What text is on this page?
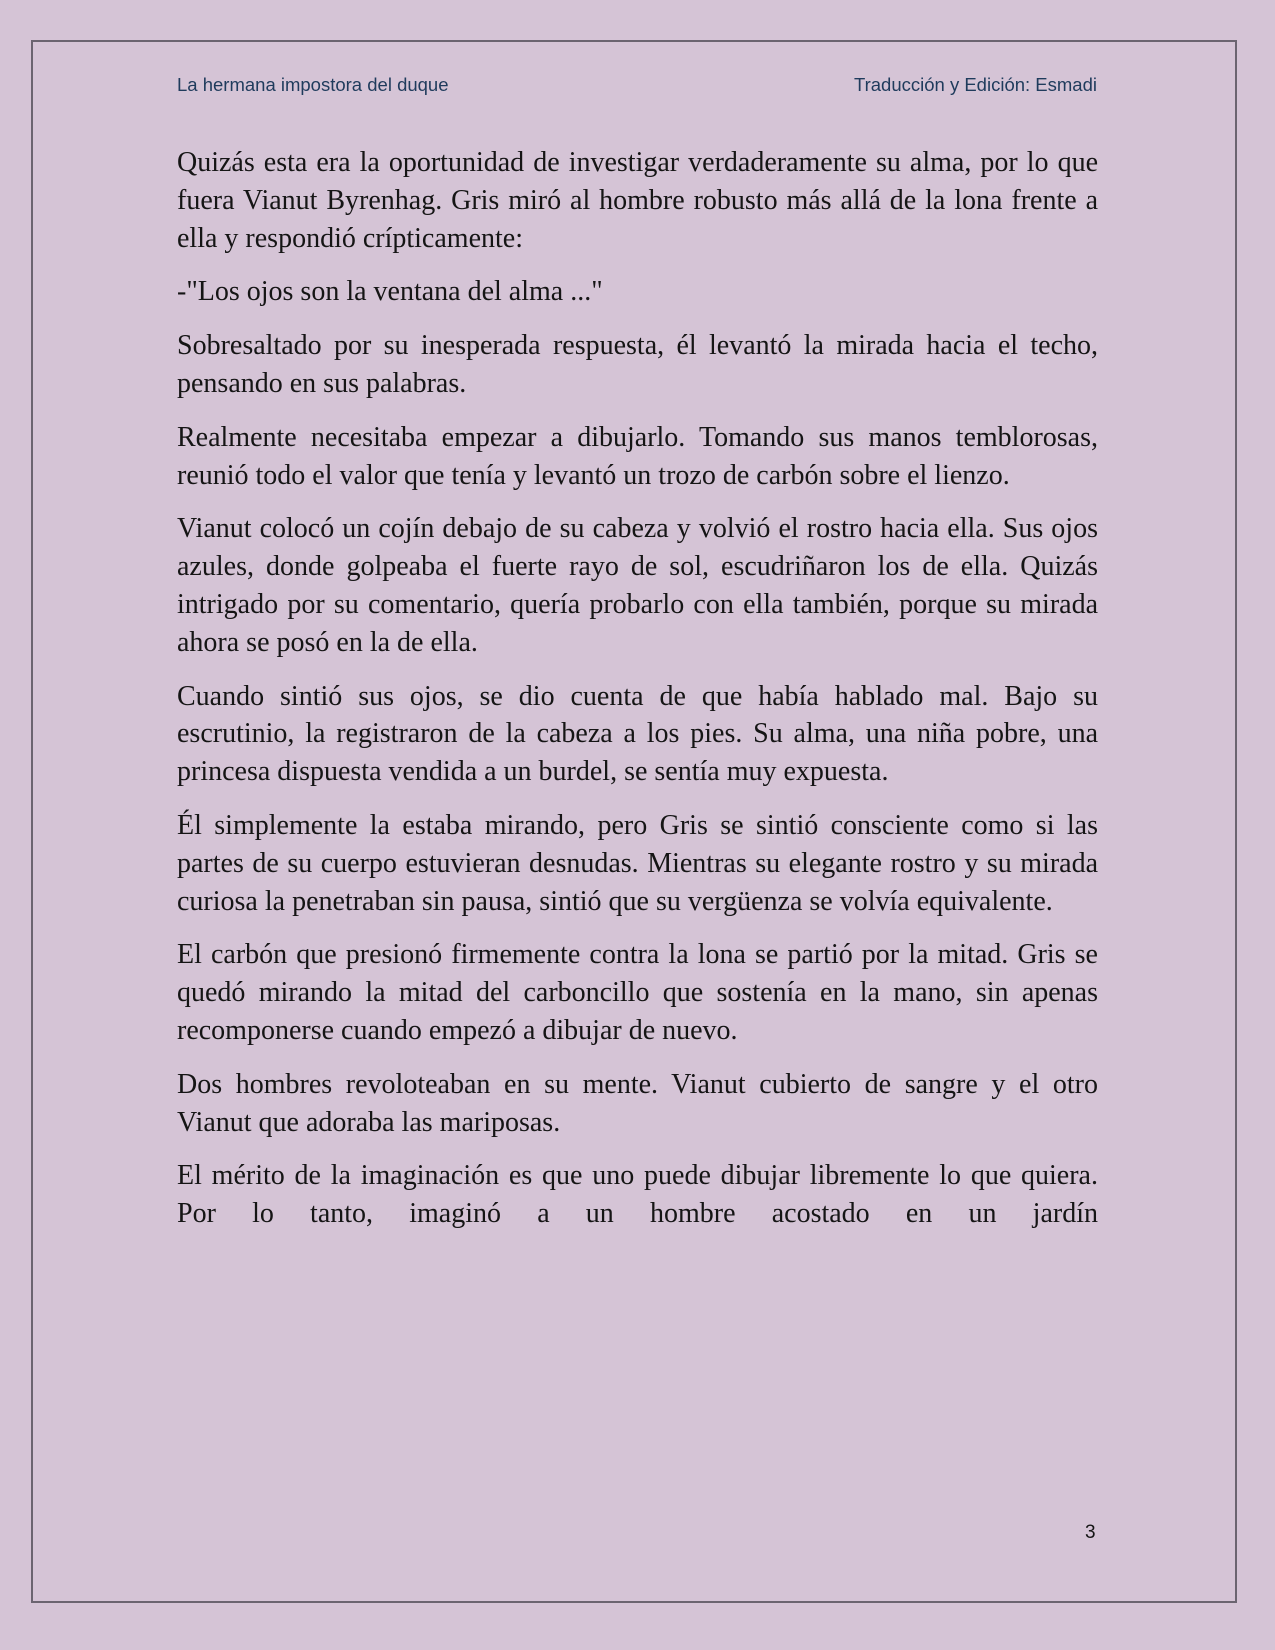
La hermana impostora del duque	Traducción y Edición: Esmadi

Quizás esta era la oportunidad de investigar verdaderamente su alma, por lo que fuera Vianut Byrenhag. Gris miró al hombre robusto más allá de la lona frente a ella y respondió crípticamente:

-"Los ojos son la ventana del alma ..."

Sobresaltado por su inesperada respuesta, él levantó la mirada hacia el techo, pensando en sus palabras.

Realmente necesitaba empezar a dibujarlo. Tomando sus manos temblorosas, reunió todo el valor que tenía y levantó un trozo de carbón sobre el lienzo.

Vianut colocó un cojín debajo de su cabeza y volvió el rostro hacia ella. Sus ojos azules, donde golpeaba el fuerte rayo de sol, escudriñaron los de ella. Quizás intrigado por su comentario, quería probarlo con ella también, porque su mirada ahora se posó en la de ella.

Cuando sintió sus ojos, se dio cuenta de que había hablado mal. Bajo su escrutinio, la registraron de la cabeza a los pies. Su alma, una niña pobre, una princesa dispuesta vendida a un burdel, se sentía muy expuesta.

Él simplemente la estaba mirando, pero Gris se sintió consciente como si las partes de su cuerpo estuvieran desnudas. Mientras su elegante rostro y su mirada curiosa la penetraban sin pausa, sintió que su vergüenza se volvía equivalente.

El carbón que presionó firmemente contra la lona se partió por la mitad. Gris se quedó mirando la mitad del carboncillo que sostenía en la mano, sin apenas recomponerse cuando empezó a dibujar de nuevo.

Dos hombres revoloteaban en su mente. Vianut cubierto de sangre y el otro Vianut que adoraba las mariposas.

El mérito de la imaginación es que uno puede dibujar libremente lo que quiera. Por lo tanto, imaginó a un hombre acostado en un jardín

3
